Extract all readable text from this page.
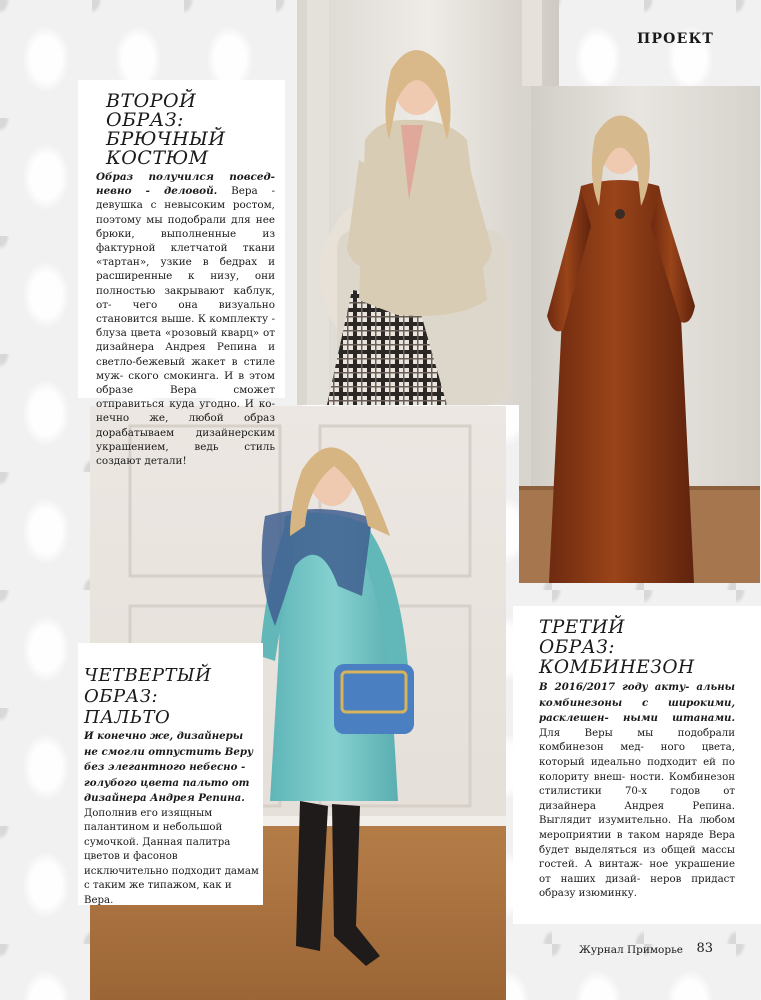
ПРОЕКТ
ВТОРОЙ ОБРАЗ:
БРЮЧНЫЙ
КОСТЮМ

Образ получился повсед- невно - деловой. Вера - девушка с невысоким ростом, поэтому мы подобрали для нее брюки, выполненные из фактурной клетчатой ткани «тартан», узкие в бедрах и расширенные к низу, они полностью закрывают каблук, от- чего она визуально становится выше. К комплекту - блуза цвета «розовый кварц» от дизайнера Андрея Репина и светло-бежевый жакет в стиле муж- ского смокинга. И в этом образе Вера сможет отправиться куда угодно. И ко- нечно же, любой образ дорабатываем дизайнерским украшением, ведь стиль создают детали!

ЧЕТВЕРТЫЙ
ОБРАЗ:
ПАЛЬТО

И конечно же, дизайнеры не смогли отпустить Веру без элегантного небесно - голубого цвета пальто от дизайнера Андрея Репина. Дополнив его изящным палантином и небольшой сумочкой. Данная палитра цветов и фасонов исключительно подходит дамам с таким же типажом, как и Вера.

ТРЕТИЙ
ОБРАЗ:
КОМБИНЕЗОН

В 2016/2017 году акту- альны комбинезоны с широкими, расклешен- ными штанами. Для Веры мы подобрали комбинезон мед- ного цвета, который идеально подходит ей по колориту внеш- ности. Комбинезон стилистики 70-х годов от дизайнера Андрея Репина. Выглядит изумительно. На любом мероприятии в таком наряде Вера будет выделяться из общей массы гостей. А винтаж- ное украшение от наших дизай- неров придаст образу изюминку.

Журнал Приморье 83
